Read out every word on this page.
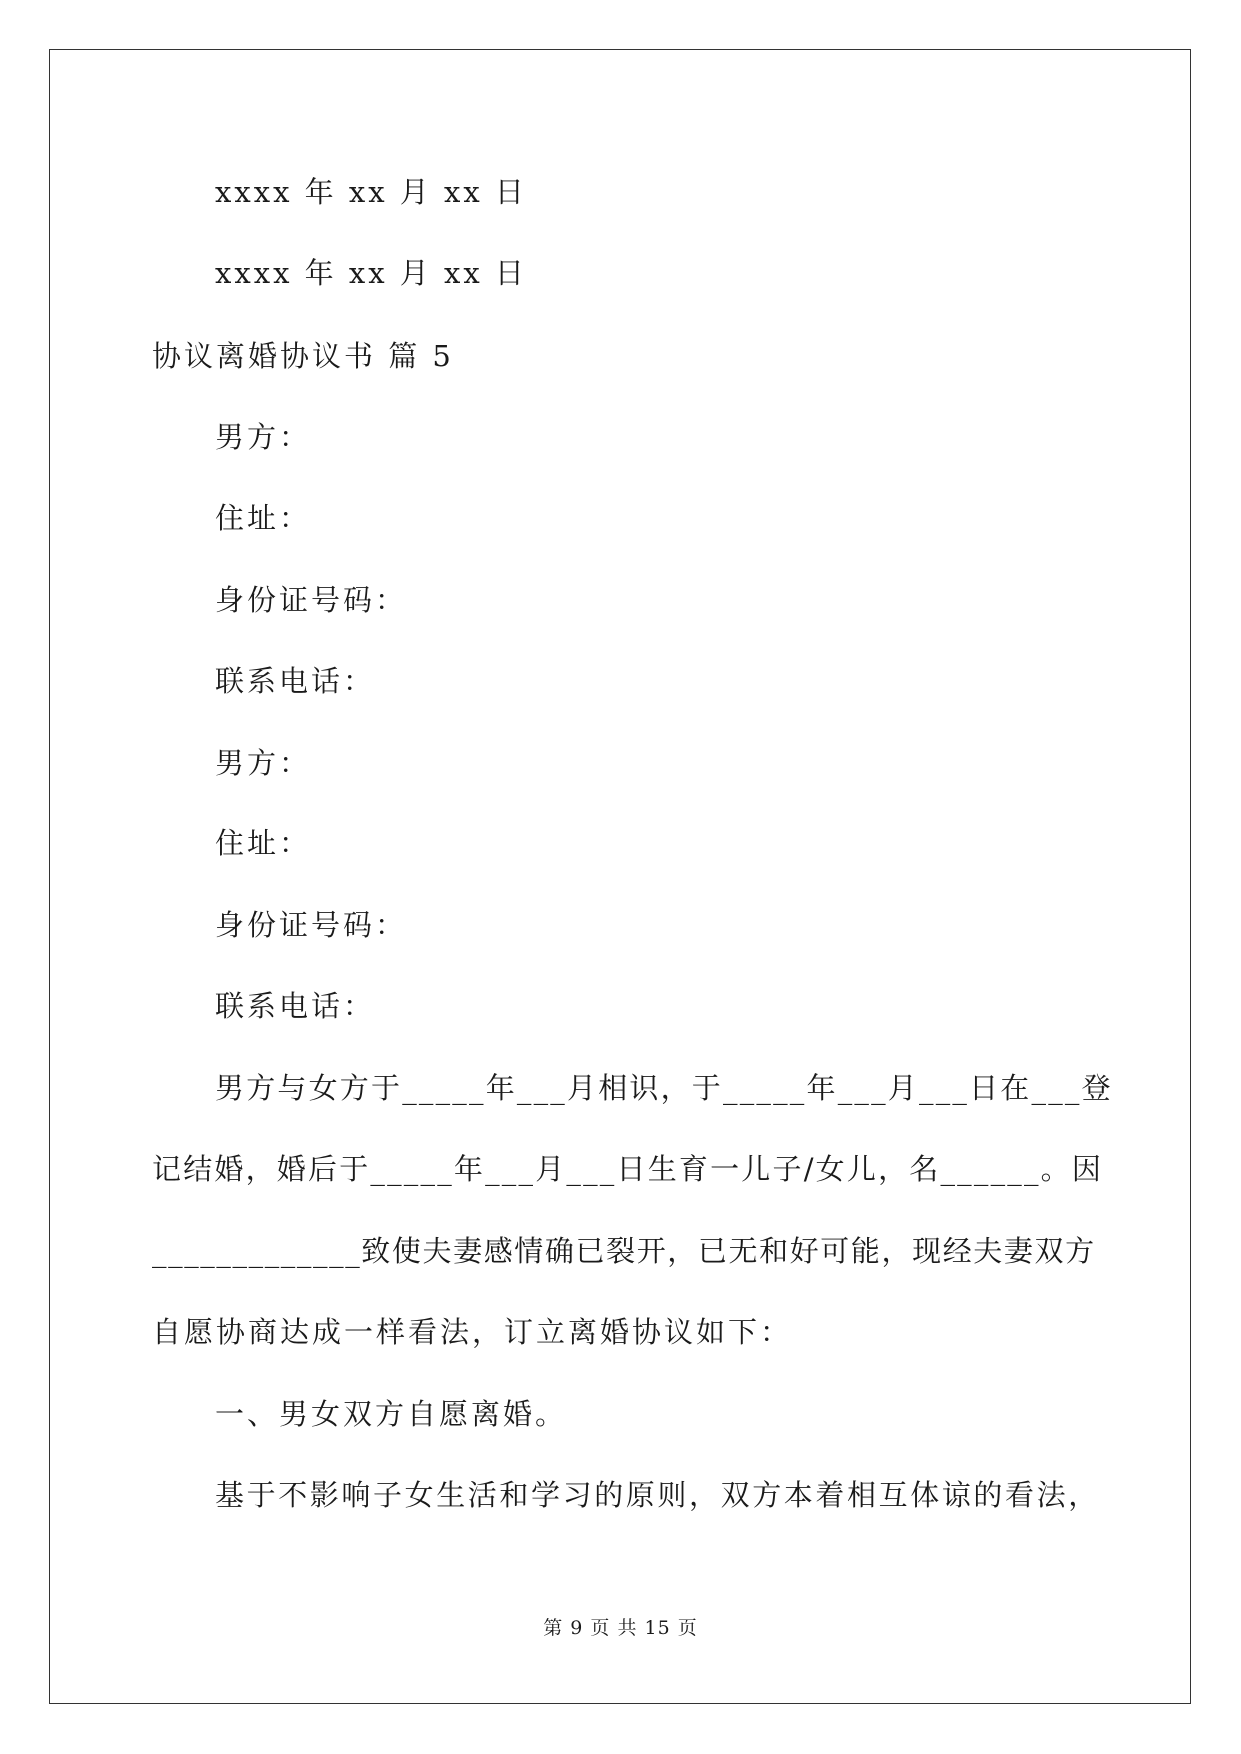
xxxx 年 xx 月 xx 日
xxxx 年 xx 月 xx 日
协议离婚协议书 篇 5
男方：
住址：
身份证号码：
联系电话：
男方：
住址：
身份证号码：
联系电话：
男方与女方于_____年___月相识，于_____年___月___日在___登
记结婚，婚后于_____年___月___日生育一儿子/女儿，名______。因
_____________致使夫妻感情确已裂开，已无和好可能，现经夫妻双方
自愿协商达成一样看法，订立离婚协议如下：
一、男女双方自愿离婚。
基于不影响子女生活和学习的原则，双方本着相互体谅的看法，
第 9 页 共 15 页
